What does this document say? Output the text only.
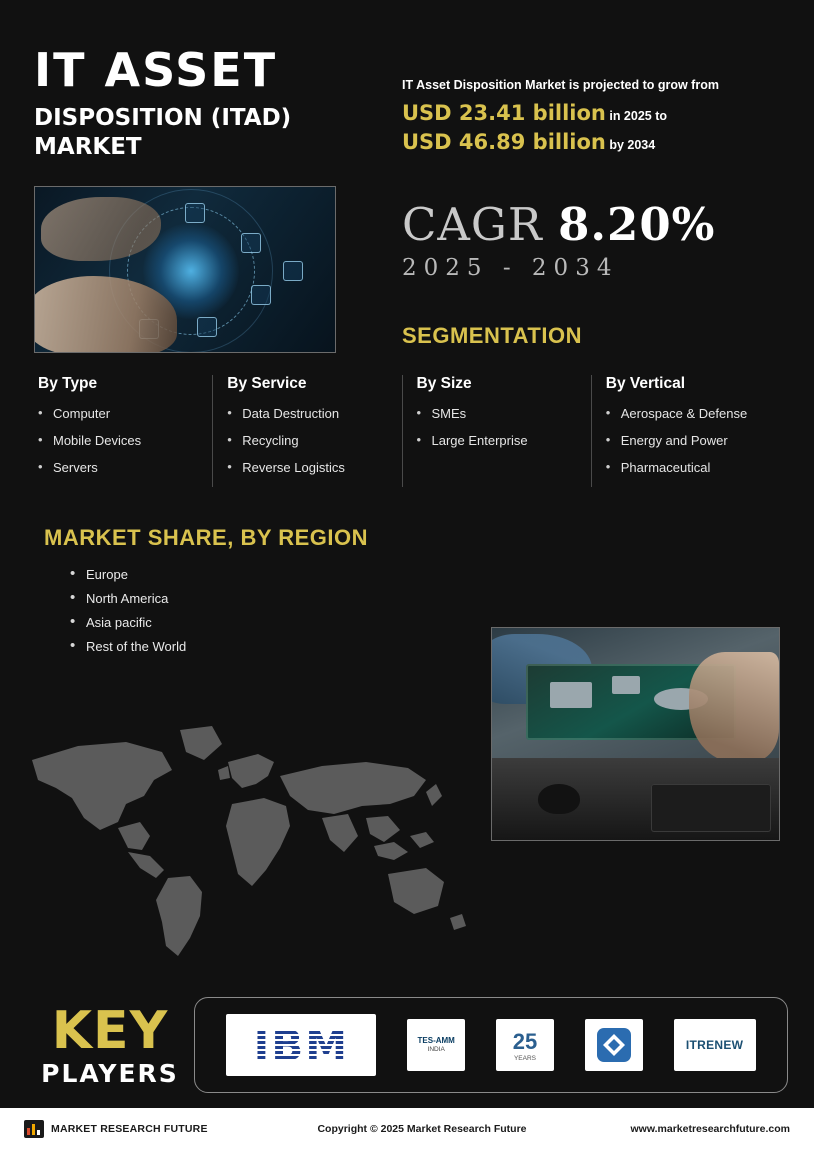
IT ASSET
DISPOSITION (ITAD) MARKET
IT Asset Disposition Market is projected to grow from
USD 23.41 billion in 2025 to
USD 46.89 billion by 2034
CAGR 8.20%
2025 - 2034
SEGMENTATION
By Type
• Computer
• Mobile Devices
• Servers
By Service
• Data Destruction
• Recycling
• Reverse Logistics
By Size
• SMEs
• Large Enterprise
By Vertical
• Aerospace & Defense
• Energy and Power
• Pharmaceutical
MARKET SHARE, BY REGION
• Europe
• North America
• Asia pacific
• Rest of the World
KEY
PLAYERS
IBM	TES-AMM
INDIA	25
YEARS
ITRENEW
MARKET RESEARCH FUTURE	Copyright © 2025 Market Research Future	www.marketresearchfuture.com
